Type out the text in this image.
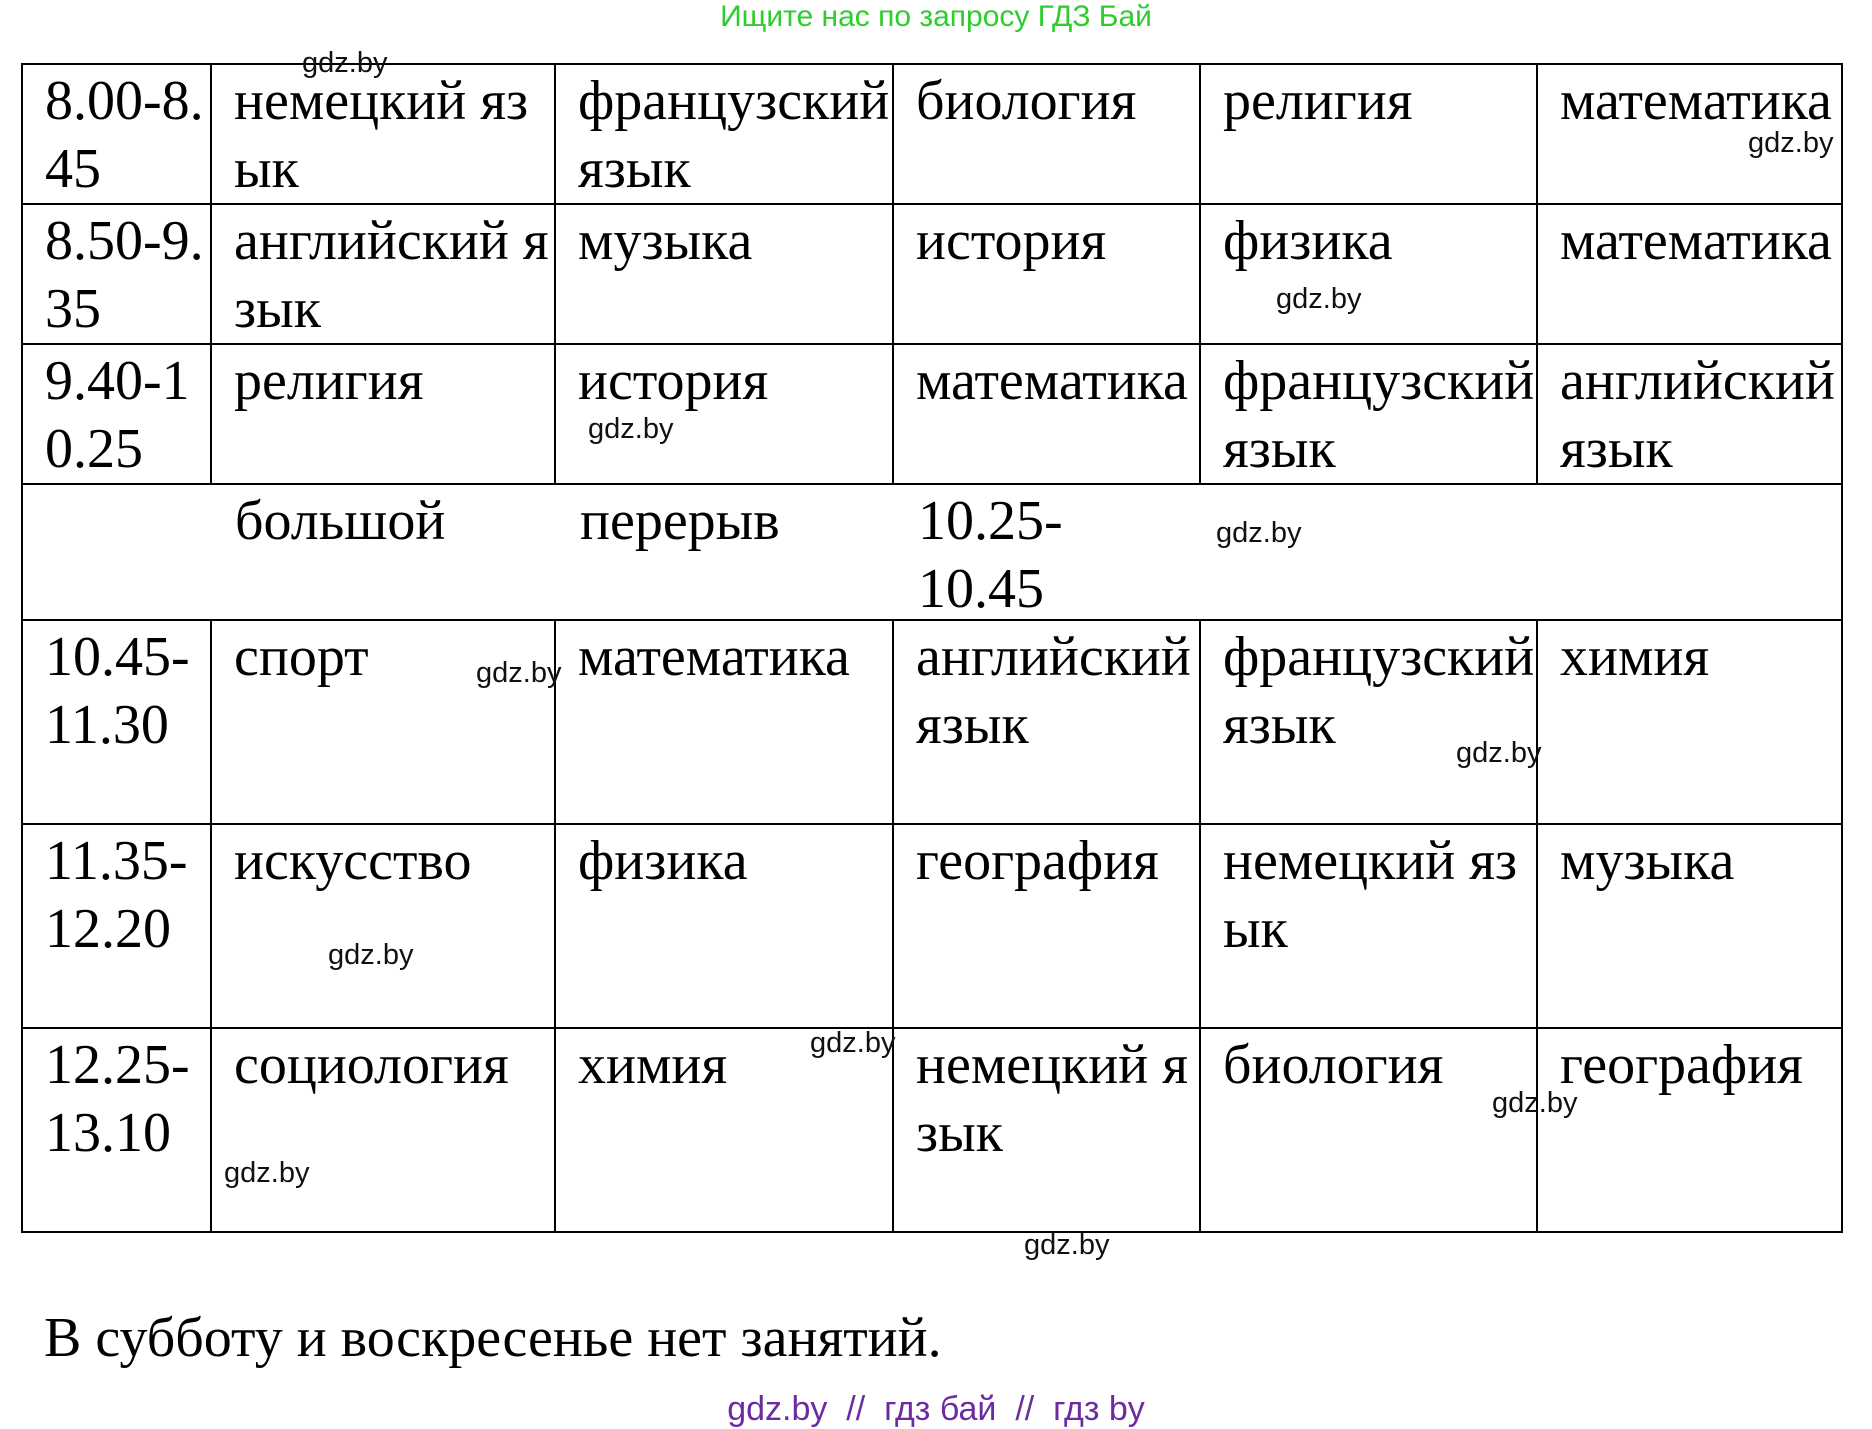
Ищите нас по запросу ГДЗ Бай
8.00-8.45	немецкий язык	французский язык	биология	религия	математика
8.50-9.35	английский язык	музыка	история	физика	математика
9.40-10.25	религия	история	математика	французский язык	английский язык

большой перерыв 10.25-10.45					

10.45-11.30	спорт	математика	английский язык	французский язык	химия
11.35-12.20	искусство	физика	география	немецкий язык	музыка
12.25-13.10	социология	химия	немецкий язык	биология	география
gdz.by
gdz.by
gdz.by
gdz.by
gdz.by
gdz.by
gdz.by
gdz.by
gdz.by
gdz.by
gdz.by
gdz.by
В субботу и воскресенье нет занятий.
gdz.by  //  гдз бай  //  гдз by
